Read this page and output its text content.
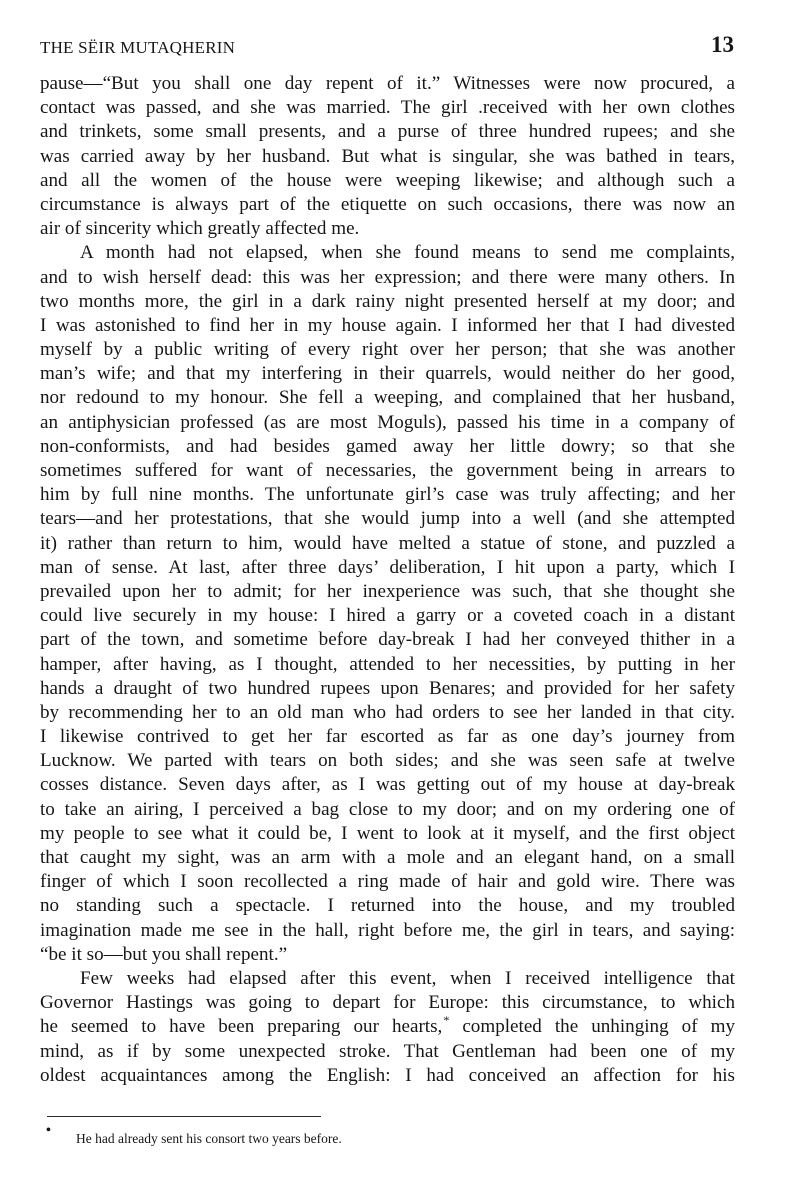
THE SËIR MUTAQHERIN	13
pause—“But you shall one day repent of it.” Witnesses were now procured, a
contact was passed, and she was married. The girl .received with her own clothes
and trinkets, some small presents, and a purse of three hundred rupees; and she
was carried away by her husband. But what is singular, she was bathed in tears,
and all the women of the house were weeping likewise; and although such a
circumstance is always part of the etiquette on such occasions, there was now an
air of sincerity which greatly affected me.
A month had not elapsed, when she found means to send me complaints,
and to wish herself dead: this was her expression; and there were many others. In
two months more, the girl in a dark rainy night presented herself at my door; and
I was astonished to find her in my house again. I informed her that I had divested
myself by a public writing of every right over her person; that she was another
man’s wife; and that my interfering in their quarrels, would neither do her good,
nor redound to my honour. She fell a weeping, and complained that her husband,
an antiphysician professed (as are most Moguls), passed his time in a company of
non-conformists, and had besides gamed away her little dowry; so that she
sometimes suffered for want of necessaries, the government being in arrears to
him by full nine months. The unfortunate girl’s case was truly affecting; and her
tears—and her protestations, that she would jump into a well (and she attempted
it) rather than return to him, would have melted a statue of stone, and puzzled a
man of sense. At last, after three days’ deliberation, I hit upon a party, which I
prevailed upon her to admit; for her inexperience was such, that she thought she
could live securely in my house: I hired a garry or a coveted coach in a distant
part of the town, and sometime before day-break I had her conveyed thither in a
hamper, after having, as I thought, attended to her necessities, by putting in her
hands a draught of two hundred rupees upon Benares; and provided for her safety
by recommending her to an old man who had orders to see her landed in that city.
I likewise contrived to get her far escorted as far as one day’s journey from
Lucknow. We parted with tears on both sides; and she was seen safe at twelve
cosses distance. Seven days after, as I was getting out of my house at day-break
to take an airing, I perceived a bag close to my door; and on my ordering one of
my people to see what it could be, I went to look at it myself, and the first object
that caught my sight, was an arm with a mole and an elegant hand, on a small
finger of which I soon recollected a ring made of hair and gold wire. There was
no standing such a spectacle. I returned into the house, and my troubled
imagination made me see in the hall, right before me, the girl in tears, and saying:
“be it so—but you shall repent.”
Few weeks had elapsed after this event, when I received intelligence that
Governor Hastings was going to depart for Europe: this circumstance, to which
he seemed to have been preparing our hearts,* completed the unhinging of my
mind, as if by some unexpected stroke. That Gentleman had been one of my
oldest acquaintances among the English: I had conceived an affection for his
•
He had already sent his consort two years before.
